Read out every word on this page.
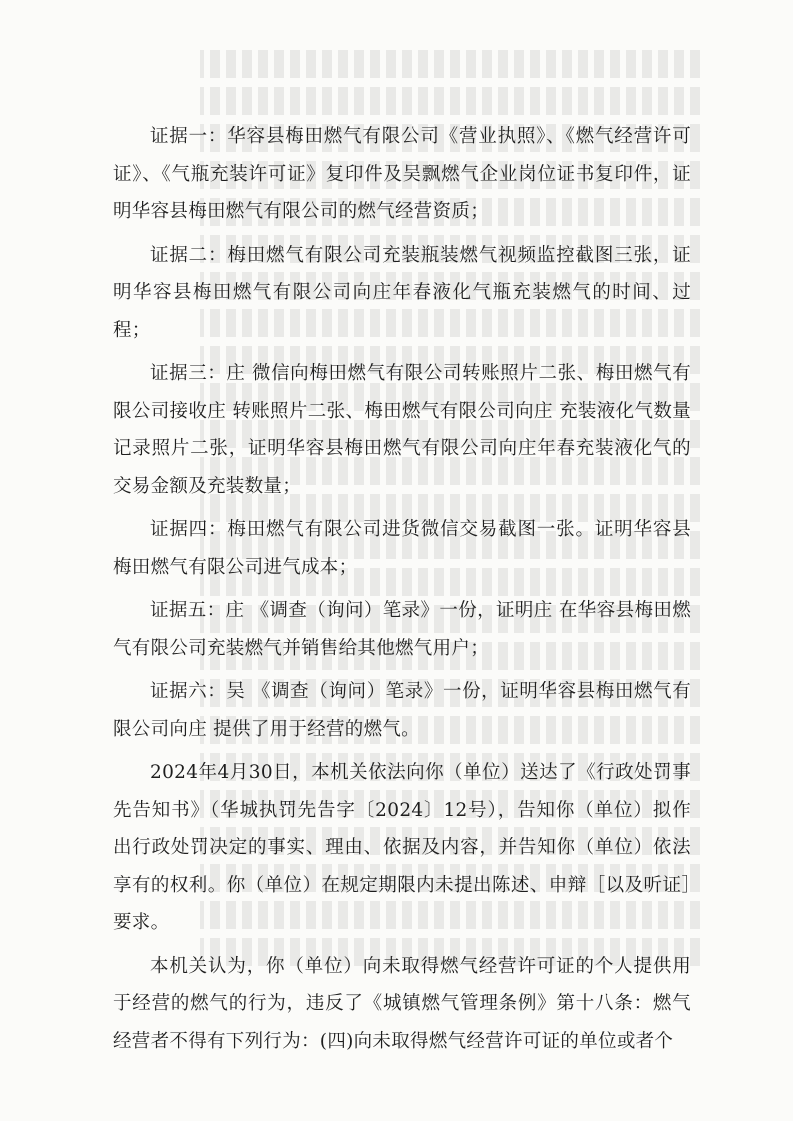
证据一：华容县梅田燃气有限公司《营业执照》、《燃气经营许可证》、《气瓶充装许可证》复印件及吴飘燃气企业岗位证书复印件，证明华容县梅田燃气有限公司的燃气经营资质；

证据二：梅田燃气有限公司充装瓶装燃气视频监控截图三张，证明华容县梅田燃气有限公司向庄年春液化气瓶充装燃气的时间、过程；

证据三：庄 微信向梅田燃气有限公司转账照片二张、梅田燃气有限公司接收庄 转账照片二张、梅田燃气有限公司向庄 充装液化气数量记录照片二张，证明华容县梅田燃气有限公司向庄年春充装液化气的交易金额及充装数量；

证据四：梅田燃气有限公司进货微信交易截图一张。证明华容县梅田燃气有限公司进气成本；

证据五：庄 《调查（询问）笔录》一份，证明庄 在华容县梅田燃气有限公司充装燃气并销售给其他燃气用户；

证据六：吴 《调查（询问）笔录》一份，证明华容县梅田燃气有限公司向庄 提供了用于经营的燃气。

2024年4月30日，本机关依法向你（单位）送达了《行政处罚事先告知书》（华城执罚先告字〔2024〕12号），告知你（单位）拟作出行政处罚决定的事实、理由、依据及内容，并告知你（单位）依法享有的权利。你（单位）在规定期限内未提出陈述、申辩［以及听证］要求。

本机关认为，你（单位）向未取得燃气经营许可证的个人提供用于经营的燃气的行为，违反了《城镇燃气管理条例》第十八条：燃气经营者不得有下列行为：(四)向未取得燃气经营许可证的单位或者个
